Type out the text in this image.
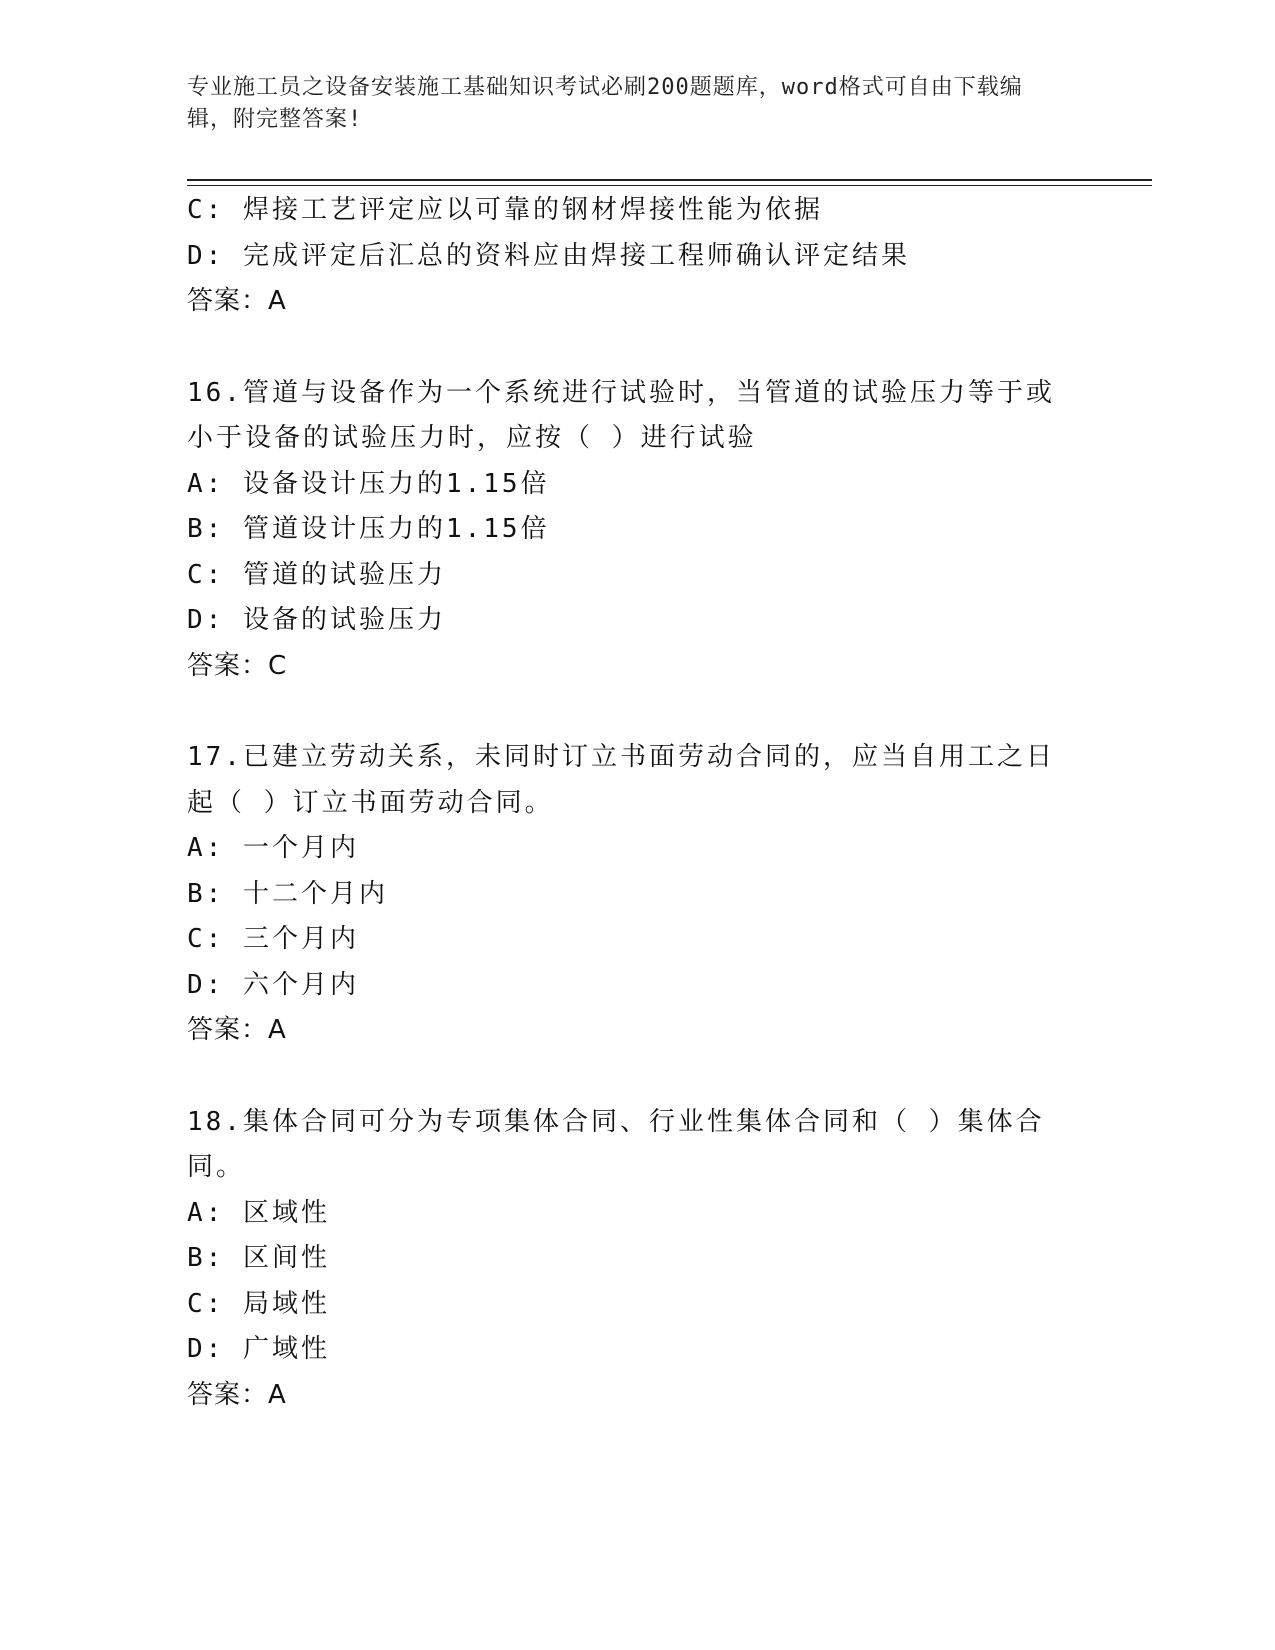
专业施工员之设备安装施工基础知识考试必刷200题题库，word格式可自由下载编辑，附完整答案!
C: 焊接工艺评定应以可靠的钢材焊接性能为依据
D: 完成评定后汇总的资料应由焊接工程师确认评定结果
答案：A
16.管道与设备作为一个系统进行试验时，当管道的试验压力等于或小于设备的试验压力时，应按（ ）进行试验
A: 设备设计压力的1.15倍
B: 管道设计压力的1.15倍
C: 管道的试验压力
D: 设备的试验压力
答案：C
17.已建立劳动关系，未同时订立书面劳动合同的，应当自用工之日起（ ）订立书面劳动合同。
A: 一个月内
B: 十二个月内
C: 三个月内
D: 六个月内
答案：A
18.集体合同可分为专项集体合同、行业性集体合同和（ ）集体合同。
A: 区域性
B: 区间性
C: 局域性
D: 广域性
答案：A
